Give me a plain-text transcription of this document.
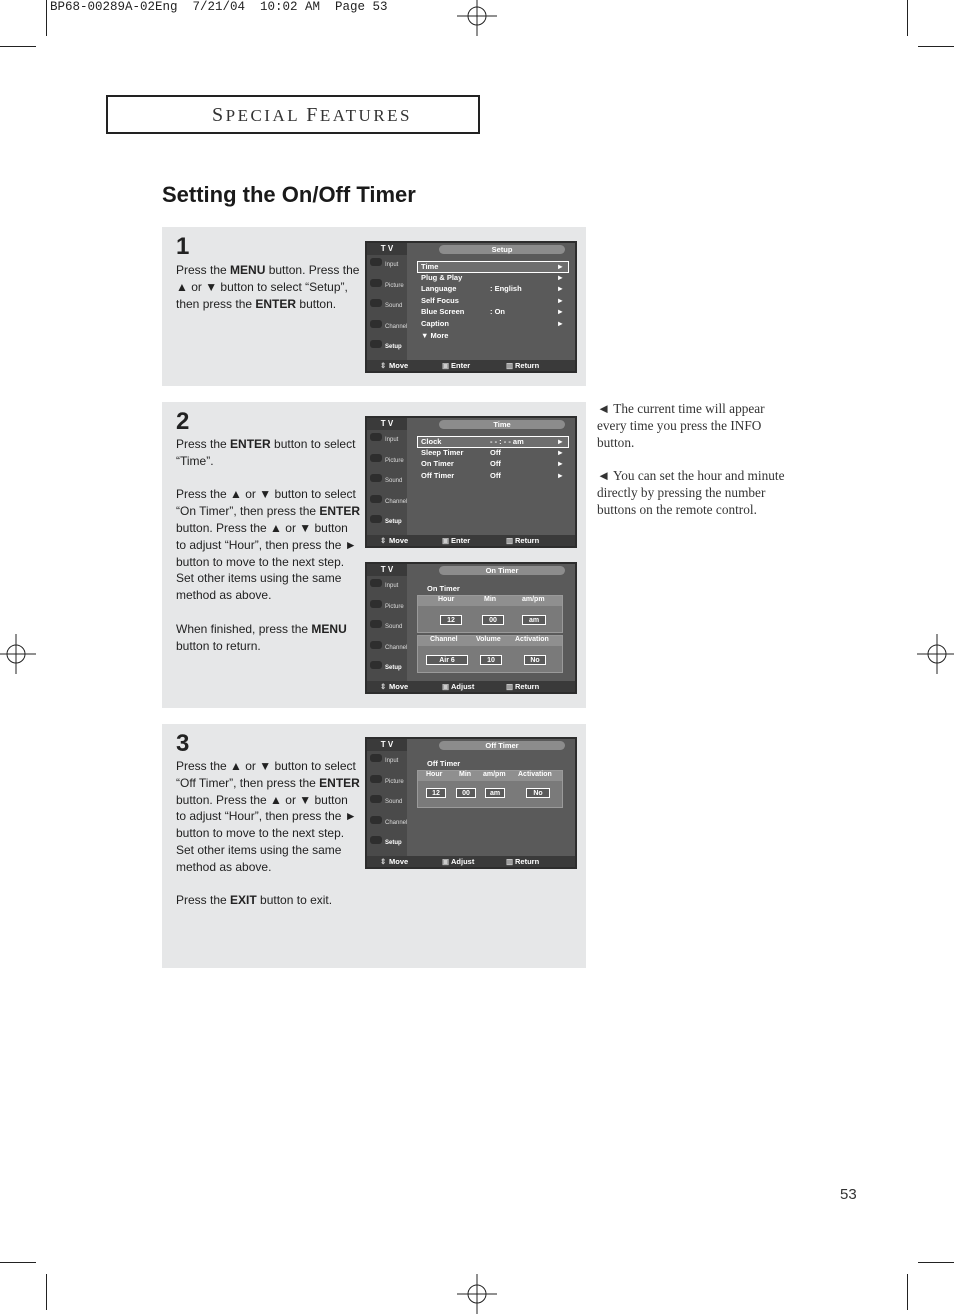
BP68-00289A-02Eng  7/21/04  10:02 AM  Page 53
SPECIAL FEATURES
Setting the On/Off Timer
1

Press the MENU button. Press the ▲ or ▼ button to select “Setup”, then press the ENTER button.

T V	Setup
Input
Picture
Sound
Channel
Setup
Time	►
Plug & Play	►
Language	: English	►
Self Focus	►
Blue Screen	: On	►
Caption	►
▼ More
⇕ Move	▣ Enter	▥ Return
2

Press the ENTER button to select “Time”.

Press the ▲ or ▼ button to select “On Timer”, then press the ENTER button. Press the ▲ or ▼ button to adjust “Hour”, then press the ► button to move to the next step. Set other items using the same method as above.

When finished, press the MENU button to return.

T V	Time
Input
Picture
Sound
Channel
Setup
Clock	- - : - - am	►
Sleep Timer	Off	►
On Timer	Off	►
Off Timer	Off	►
⇕ Move	▣ Enter	▥ Return
T V	On Timer
Input
Picture
Sound
Channel
Setup
On Timer
Hour	Min	am/pm
12	00	am
Channel	Volume Activation
Air 6	10	No
⇕ Move	▣ Adjust	▥ Return
3

Press the ▲ or ▼ button to select “Off Timer”, then press the ENTER button. Press the ▲ or ▼ button to adjust “Hour”, then press the ► button to move to the next step. Set other items using the same method as above.

Press the EXIT button to exit.

T V	Off Timer
Input
Picture
Sound
Channel
Setup
Off Timer
Hour Min am/pm Activation
12	00	am	No
⇕ Move	▣ Adjust	▥ Return

◄ The current time will appear every time you press the INFO button.

◄ You can set the hour and minute directly by pressing the number buttons on the remote control.

53
